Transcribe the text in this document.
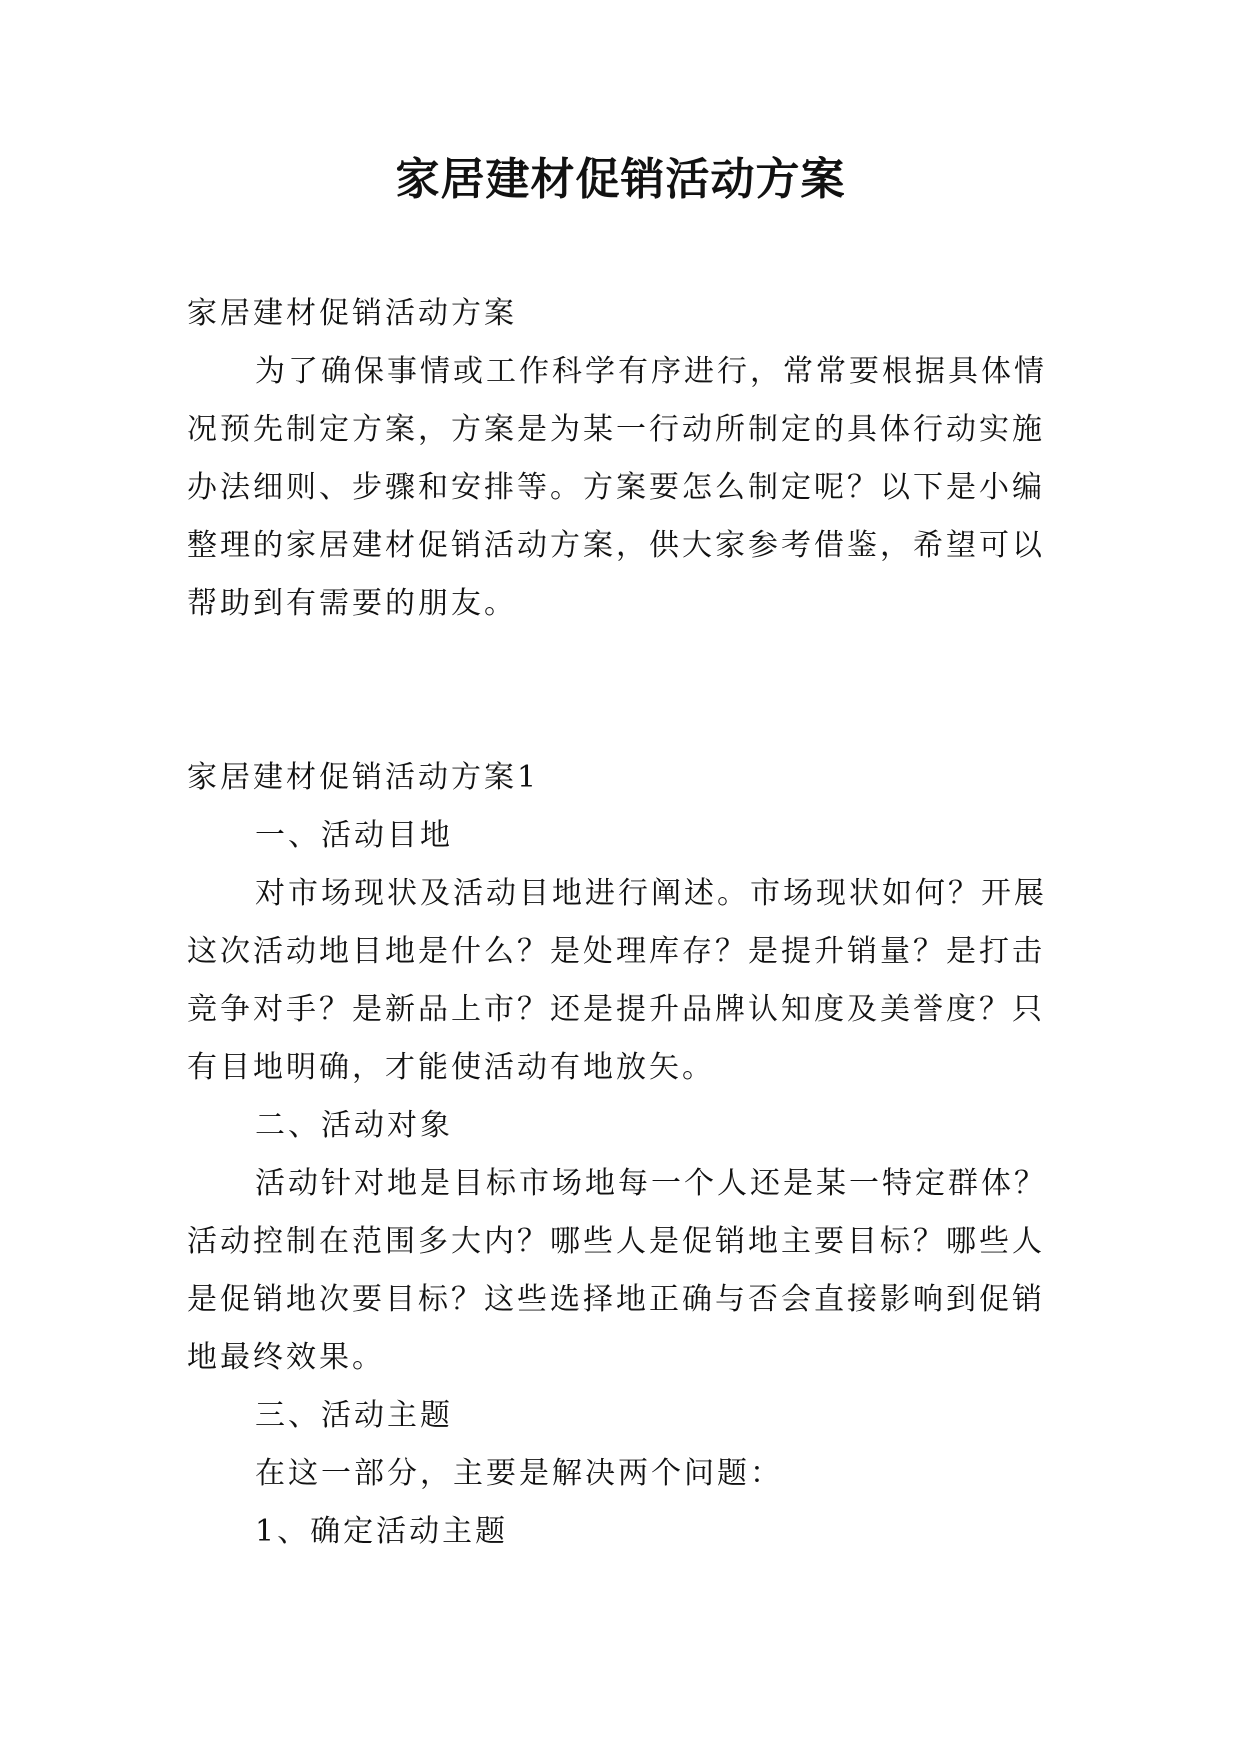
家居建材促销活动方案

家居建材促销活动方案

为了确保事情或工作科学有序进行，常常要根据具体情况预先制定方案，方案是为某一行动所制定的具体行动实施办法细则、步骤和安排等。方案要怎么制定呢？以下是小编整理的家居建材促销活动方案，供大家参考借鉴，希望可以帮助到有需要的朋友。

家居建材促销活动方案1

一、活动目地

对市场现状及活动目地进行阐述。市场现状如何？开展这次活动地目地是什么？是处理库存？是提升销量？是打击竞争对手？是新品上市？还是提升品牌认知度及美誉度？只有目地明确，才能使活动有地放矢。

二、活动对象

活动针对地是目标市场地每一个人还是某一特定群体？活动控制在范围多大内？哪些人是促销地主要目标？哪些人是促销地次要目标？这些选择地正确与否会直接影响到促销地最终效果。

三、活动主题

在这一部分，主要是解决两个问题：

1、确定活动主题
